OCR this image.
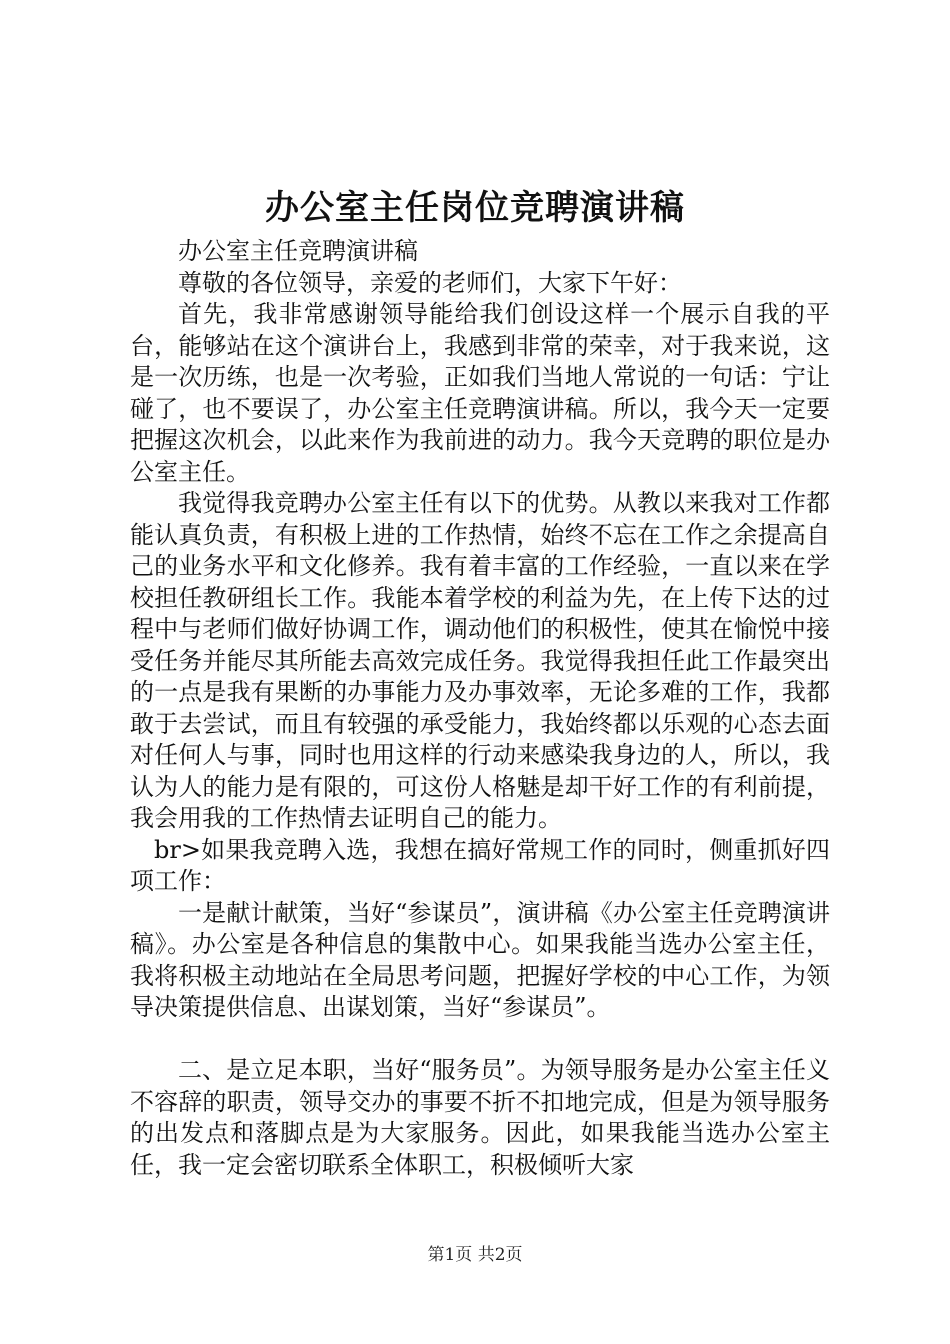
办公室主任岗位竞聘演讲稿

办公室主任竞聘演讲稿

尊敬的各位领导，亲爱的老师们，大家下午好：

首先，我非常感谢领导能给我们创设这样一个展示自我的平台，能够站在这个演讲台上，我感到非常的荣幸，对于我来说，这是一次历练，也是一次考验，正如我们当地人常说的一句话：宁让碰了，也不要误了，办公室主任竞聘演讲稿。所以，我今天一定要把握这次机会，以此来作为我前进的动力。我今天竞聘的职位是办公室主任。

我觉得我竞聘办公室主任有以下的优势。从教以来我对工作都能认真负责，有积极上进的工作热情，始终不忘在工作之余提高自己的业务水平和文化修养。我有着丰富的工作经验，一直以来在学校担任教研组长工作。我能本着学校的利益为先，在上传下达的过程中与老师们做好协调工作，调动他们的积极性，使其在愉悦中接受任务并能尽其所能去高效完成任务。我觉得我担任此工作最突出的一点是我有果断的办事能力及办事效率，无论多难的工作，我都敢于去尝试，而且有较强的承受能力，我始终都以乐观的心态去面对任何人与事，同时也用这样的行动来感染我身边的人，所以，我认为人的能力是有限的，可这份人格魅是却干好工作的有利前提，我会用我的工作热情去证明自己的能力。

br>如果我竞聘入选，我想在搞好常规工作的同时，侧重抓好四项工作：

一是献计献策，当好“参谋员”，演讲稿《办公室主任竞聘演讲稿》。办公室是各种信息的集散中心。如果我能当选办公室主任，我将积极主动地站在全局思考问题，把握好学校的中心工作，为领导决策提供信息、出谋划策，当好“参谋员”。

二、是立足本职，当好“服务员”。为领导服务是办公室主任义不容辞的职责，领导交办的事要不折不扣地完成，但是为领导服务的出发点和落脚点是为大家服务。因此，如果我能当选办公室主任，我一定会密切联系全体职工，积极倾听大家

第1页 共2页
